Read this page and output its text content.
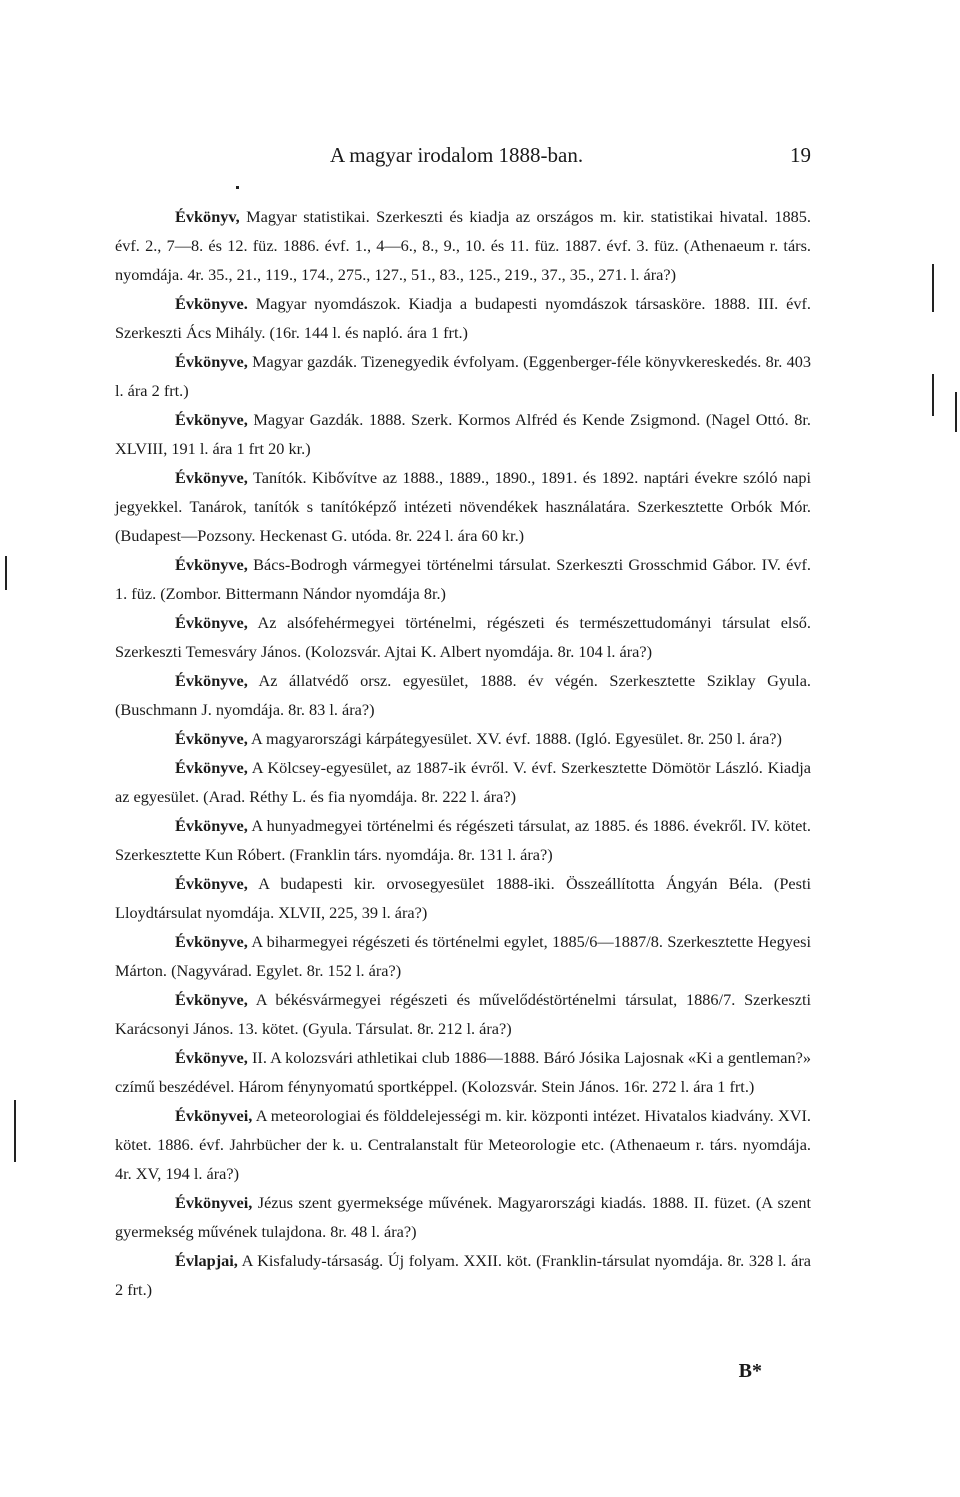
A magyar irodalom 1888-ban.	19

Évkönyv, Magyar statistikai. Szerkeszti és kiadja az országos m. kir. statistikai hivatal. 1885. évf. 2., 7—8. és 12. füz. 1886. évf. 1., 4—6., 8., 9., 10. és 11. füz. 1887. évf. 3. füz. (Athenaeum r. társ. nyomdája. 4r. 35., 21., 119., 174., 275., 127., 51., 83., 125., 219., 37., 35., 271. l. ára?)

Évkönyve. Magyar nyomdászok. Kiadja a budapesti nyomdászok társasköre. 1888. III. évf. Szerkeszti Ács Mihály. (16r. 144 l. és napló. ára 1 frt.)

Évkönyve, Magyar gazdák. Tizenegyedik évfolyam. (Eggenberger-féle könyvkereskedés. 8r. 403 l. ára 2 frt.)

Évkönyve, Magyar Gazdák. 1888. Szerk. Kormos Alfréd és Kende Zsigmond. (Nagel Ottó. 8r. XLVIII, 191 l. ára 1 frt 20 kr.)

Évkönyve, Tanítók. Kibővítve az 1888., 1889., 1890., 1891. és 1892. naptári évekre szóló napi jegyekkel. Tanárok, tanítók s tanítóképző intézeti növendékek használatára. Szerkesztette Orbók Mór. (Budapest—Pozsony. Heckenast G. utóda. 8r. 224 l. ára 60 kr.)

Évkönyve, Bács-Bodrogh vármegyei történelmi társulat. Szerkeszti Grosschmid Gábor. IV. évf. 1. füz. (Zombor. Bittermann Nándor nyomdája 8r.)

Évkönyve, Az alsófehérmegyei történelmi, régészeti és természettudományi társulat első. Szerkeszti Temesváry János. (Kolozsvár. Ajtai K. Albert nyomdája. 8r. 104 l. ára?)

Évkönyve, Az állatvédő orsz. egyesület, 1888. év végén. Szerkesztette Sziklay Gyula. (Buschmann J. nyomdája. 8r. 83 l. ára?)

Évkönyve, A magyarországi kárpátegyesület. XV. évf. 1888. (Igló. Egyesület. 8r. 250 l. ára?)

Évkönyve, A Kölcsey-egyesület, az 1887-ik évről. V. évf. Szerkesztette Dömötör László. Kiadja az egyesület. (Arad. Réthy L. és fia nyomdája. 8r. 222 l. ára?)

Évkönyve, A hunyadmegyei történelmi és régészeti társulat, az 1885. és 1886. évekről. IV. kötet. Szerkesztette Kun Róbert. (Franklin társ. nyomdája. 8r. 131 l. ára?)

Évkönyve, A budapesti kir. orvosegyesület 1888-iki. Összeállította Ángyán Béla. (Pesti Lloydtársulat nyomdája. XLVII, 225, 39 l. ára?)

Évkönyve, A biharmegyei régészeti és történelmi egylet, 1885/6—1887/8. Szerkesztette Hegyesi Márton. (Nagyvárad. Egylet. 8r. 152 l. ára?)

Évkönyve, A békésvármegyei régészeti és művelődéstörténelmi társulat, 1886/7. Szerkeszti Karácsonyi János. 13. kötet. (Gyula. Társulat. 8r. 212 l. ára?)

Évkönyve, II. A kolozsvári athletikai club 1886—1888. Báró Jósika Lajosnak «Ki a gentleman?» czímű beszédével. Három fénynyomatú sportképpel. (Kolozsvár. Stein János. 16r. 272 l. ára 1 frt.)

Évkönyvei, A meteorologiai és földdelejességi m. kir. központi intézet. Hivatalos kiadvány. XVI. kötet. 1886. évf. Jahrbücher der k. u. Centralanstalt für Meteorologie etc. (Athenaeum r. társ. nyomdája. 4r. XV, 194 l. ára?)

Évkönyvei, Jézus szent gyermeksége művének. Magyarországi kiadás. 1888. II. füzet. (A szent gyermekség művének tulajdona. 8r. 48 l. ára?)

Évlapjai, A Kisfaludy-társaság. Új folyam. XXII. köt. (Franklin-társulat nyomdája. 8r. 328 l. ára 2 frt.)

B*
